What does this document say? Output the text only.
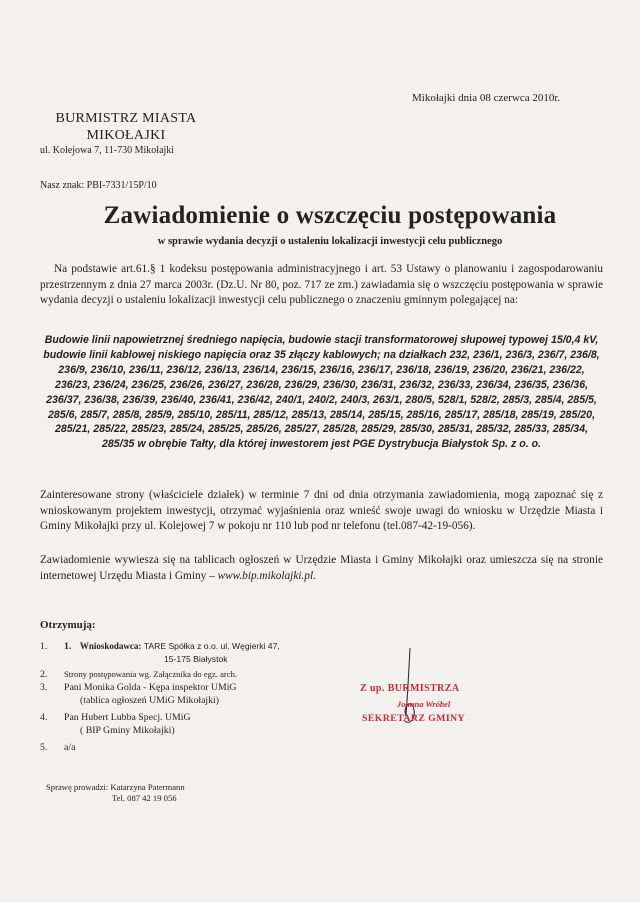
Mikołajki dnia 08 czerwca 2010r.
BURMISTRZ MIASTA
MIKOŁAJKI
ul. Kolejowa 7, 11-730 Mikołajki
Nasz znak: PBI-7331/15P/10
Zawiadomienie o wszczęciu postępowania
w sprawie wydania decyzji o ustaleniu lokalizacji inwestycji celu publicznego
Na podstawie art.61.§ 1 kodeksu postępowania administracyjnego i art. 53 Ustawy o planowaniu i zagospodarowaniu przestrzennym z dnia 27 marca 2003r. (Dz.U. Nr 80, poz. 717 ze zm.) zawiadamia się o wszczęciu postępowania w sprawie wydania decyzji o ustaleniu lokalizacji inwestycji celu publicznego o znaczeniu gminnym polegającej na:
Budowie linii napowietrznej średniego napięcia, budowie stacji transformatorowej słupowej typowej 15/0,4 kV, budowie linii kablowej niskiego napięcia oraz 35 złączy kablowych; na działkach 232, 236/1, 236/3, 236/7, 236/8, 236/9, 236/10, 236/11, 236/12, 236/13, 236/14, 236/15, 236/16, 236/17, 236/18, 236/19, 236/20, 236/21, 236/22, 236/23, 236/24, 236/25, 236/26, 236/27, 236/28, 236/29, 236/30, 236/31, 236/32, 236/33, 236/34, 236/35, 236/36, 236/37, 236/38, 236/39, 236/40, 236/41, 236/42, 240/1, 240/2, 240/3, 263/1, 280/5, 528/1, 528/2, 285/3, 285/4, 285/5, 285/6, 285/7, 285/8, 285/9, 285/10, 285/11, 285/12, 285/13, 285/14, 285/15, 285/16, 285/17, 285/18, 285/19, 285/20, 285/21, 285/22, 285/23, 285/24, 285/25, 285/26, 285/27, 285/28, 285/29, 285/30, 285/31, 285/32, 285/33, 285/34, 285/35 w obrębie Tałty, dla której inwestorem jest PGE Dystrybucja Białystok Sp. z o. o.
Zainteresowane strony (właściciele działek) w terminie 7 dni od dnia otrzymania zawiadomienia, mogą zapoznać się z wnioskowanym projektem inwestycji, otrzymać wyjaśnienia oraz wnieść swoje uwagi do wniosku w Urzędzie Miasta i Gminy Mikołajki przy ul. Kolejowej 7 w pokoju nr 110 lub pod nr telefonu (tel.087-42-19-056).
Zawiadomienie wywiesza się na tablicach ogłoszeń w Urzędzie Miasta i Gminy Mikołajki oraz umieszcza się na stronie internetowej Urzędu Miasta i Gminy – www.bip.mikolajki.pl.
Otrzymują:
1. 1. Wnioskodawca: TARE Spółka z o.o. ul. Węgierki 47,
15-175 Białystok
2. Strony postępowania wg. Załącznika do egz. arch.
3. Pani Monika Golda - Kępa inspektor UMiG
(tablica ogłoszeń UMiG Mikołajki)
4. Pan Hubert Lubba Specj. UMiG
( BIP Gminy Mikołajki)
5. a/a
Z up. BURMISTRZA
Joanna Wróbel
SEKRETARZ GMINY
Sprawę prowadzi: Katarzyna Patermann
Tel. 087 42 19 056
